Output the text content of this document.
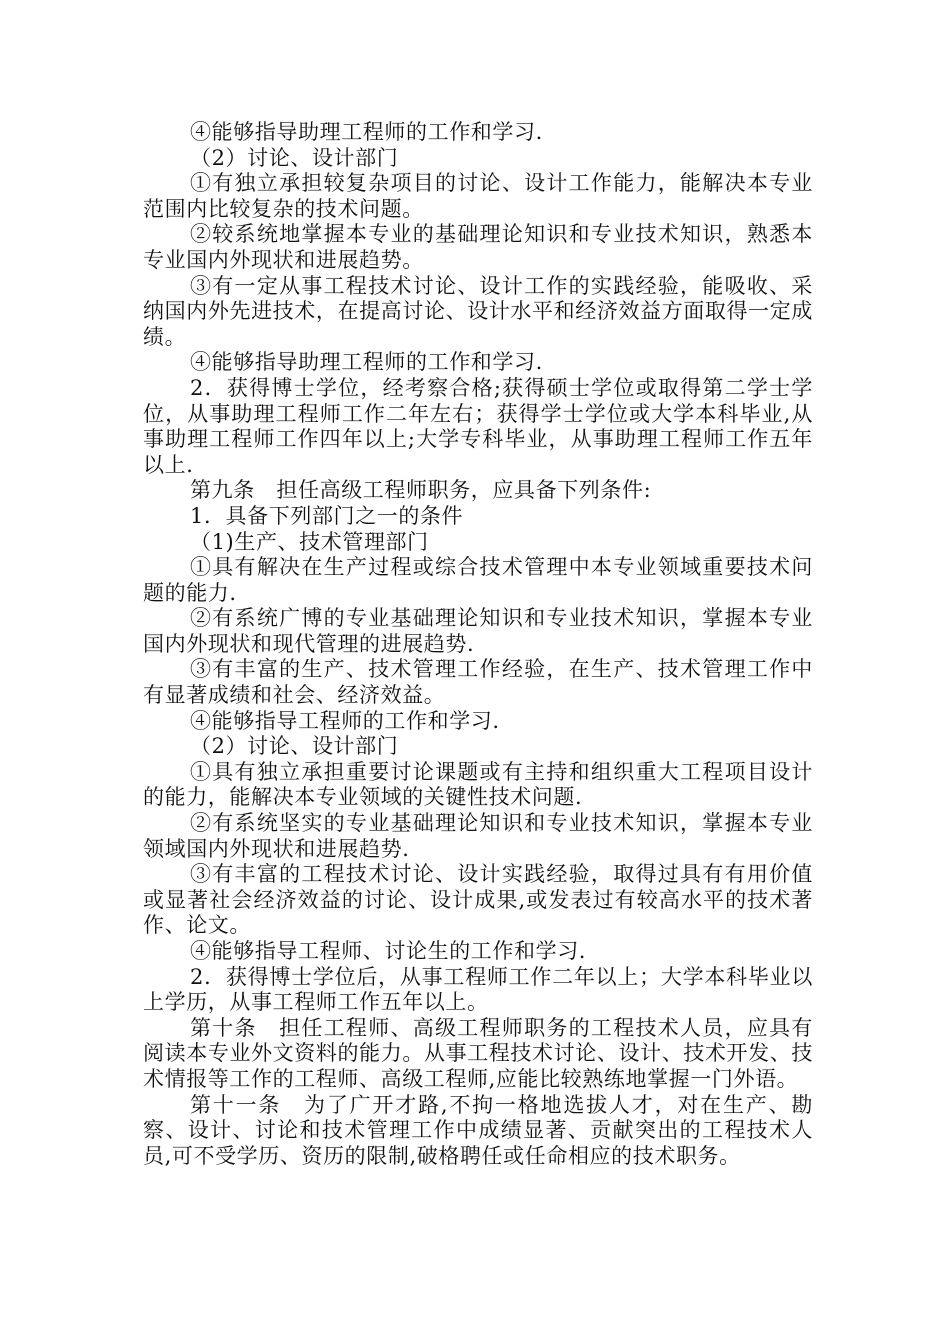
④能够指导助理工程师的工作和学习.

（2）讨论、设计部门

①有独立承担较复杂项目的讨论、设计工作能力，能解决本专业范围内比较复杂的技术问题。

②较系统地掌握本专业的基础理论知识和专业技术知识，熟悉本专业国内外现状和进展趋势。

③有一定从事工程技术讨论、设计工作的实践经验，能吸收、采纳国内外先进技术，在提高讨论、设计水平和经济效益方面取得一定成绩。

④能够指导助理工程师的工作和学习.

2．获得博士学位，经考察合格;获得硕士学位或取得第二学士学位，从事助理工程师工作二年左右；获得学士学位或大学本科毕业,从事助理工程师工作四年以上;大学专科毕业，从事助理工程师工作五年以上.

第九条　担任高级工程师职务，应具备下列条件:

1．具备下列部门之一的条件

（1)生产、技术管理部门

①具有解决在生产过程或综合技术管理中本专业领域重要技术问题的能力.

②有系统广博的专业基础理论知识和专业技术知识，掌握本专业国内外现状和现代管理的进展趋势.

③有丰富的生产、技术管理工作经验，在生产、技术管理工作中有显著成绩和社会、经济效益。

④能够指导工程师的工作和学习.

（2）讨论、设计部门

①具有独立承担重要讨论课题或有主持和组织重大工程项目设计的能力，能解决本专业领域的关键性技术问题.

②有系统坚实的专业基础理论知识和专业技术知识，掌握本专业领域国内外现状和进展趋势.

③有丰富的工程技术讨论、设计实践经验，取得过具有有用价值或显著社会经济效益的讨论、设计成果,或发表过有较高水平的技术著作、论文。

④能够指导工程师、讨论生的工作和学习.

2．获得博士学位后，从事工程师工作二年以上；大学本科毕业以上学历，从事工程师工作五年以上。

第十条　担任工程师、高级工程师职务的工程技术人员，应具有阅读本专业外文资料的能力。从事工程技术讨论、设计、技术开发、技术情报等工作的工程师、高级工程师,应能比较熟练地掌握一门外语。

第十一条　为了广开才路,不拘一格地选拔人才，对在生产、勘察、设计、讨论和技术管理工作中成绩显著、贡献突出的工程技术人员,可不受学历、资历的限制,破格聘任或任命相应的技术职务。
